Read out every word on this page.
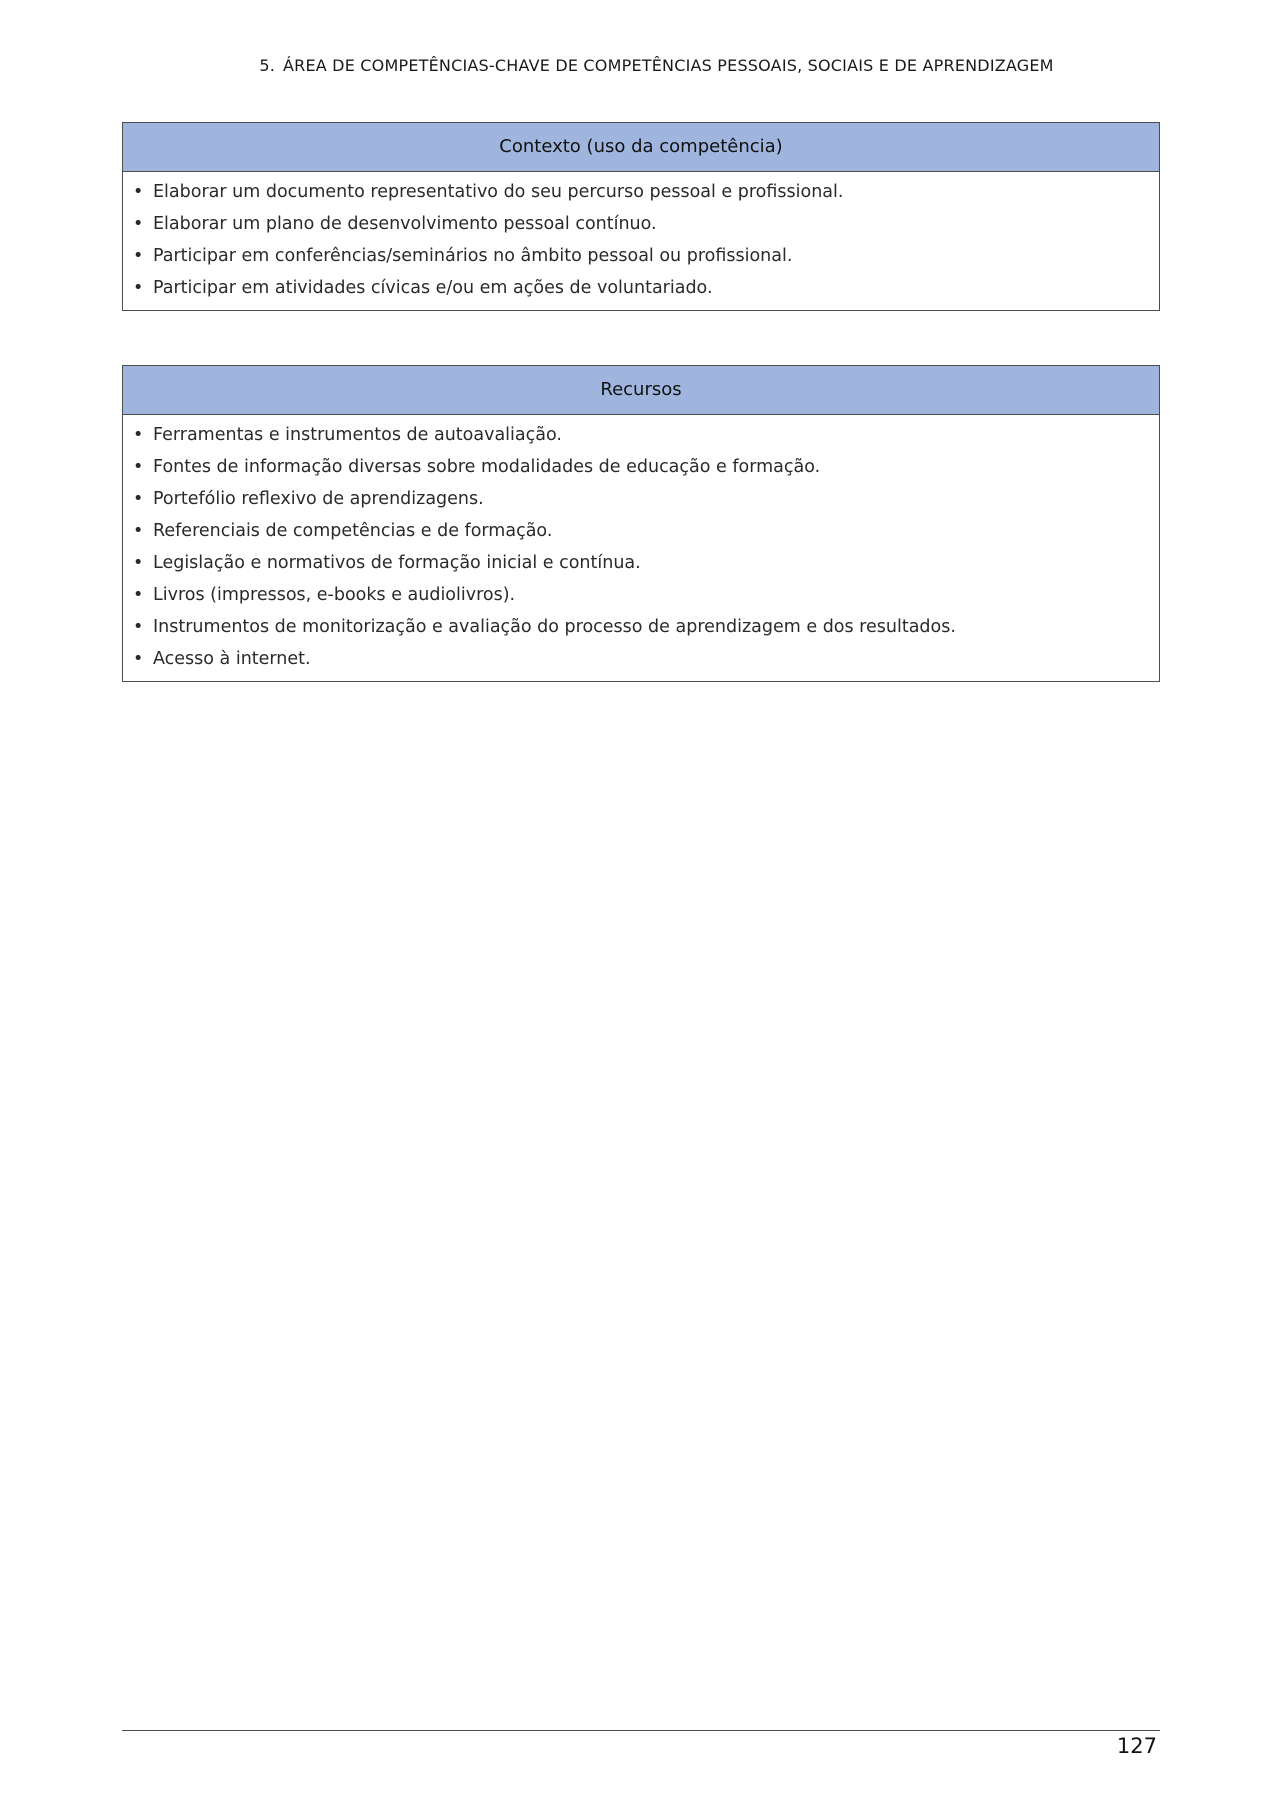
5. ÁREA DE COMPETÊNCIAS-CHAVE DE COMPETÊNCIAS PESSOAIS, SOCIAIS E DE APRENDIZAGEM
Contexto (uso da competência)
• Elaborar um documento representativo do seu percurso pessoal e profissional.
• Elaborar um plano de desenvolvimento pessoal contínuo.
• Participar em conferências/seminários no âmbito pessoal ou profissional.
• Participar em atividades cívicas e/ou em ações de voluntariado.
Recursos
• Ferramentas e instrumentos de autoavaliação.
• Fontes de informação diversas sobre modalidades de educação e formação.
• Portefólio reflexivo de aprendizagens.
• Referenciais de competências e de formação.
• Legislação e normativos de formação inicial e contínua.
• Livros (impressos, e-books e audiolivros).
• Instrumentos de monitorização e avaliação do processo de aprendizagem e dos resultados.
• Acesso à internet.
127
